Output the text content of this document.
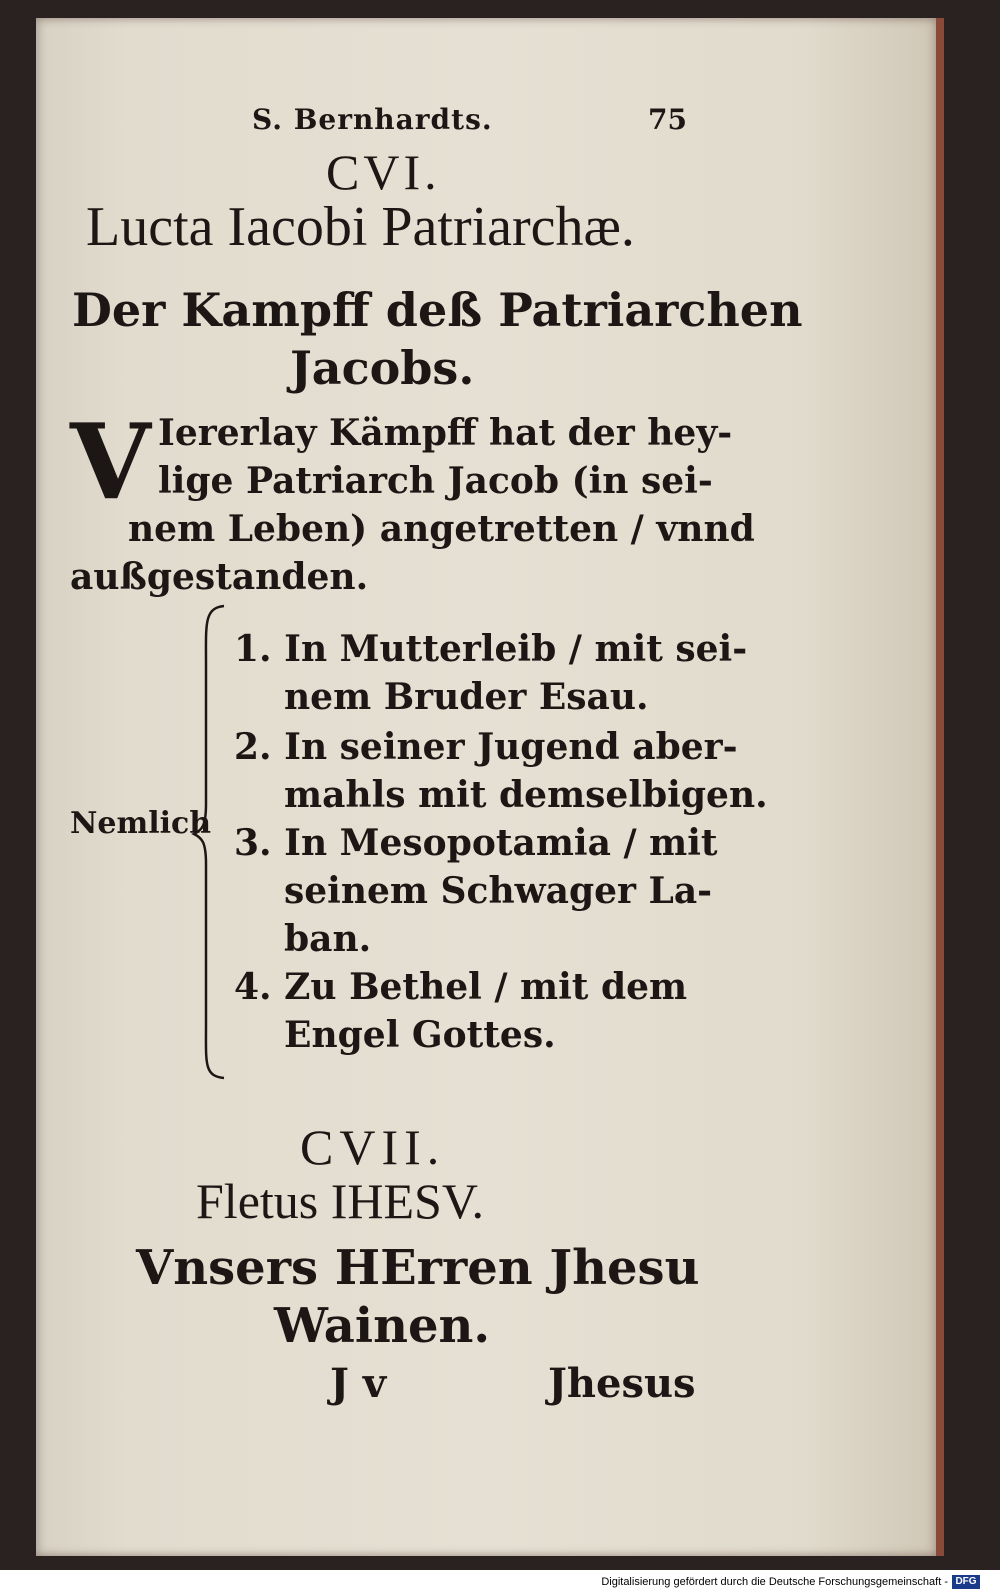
S. Bernhardts.	75
CVI.
Lucta Iacobi Patriarchæ.
Der Kampff deß Patriarchen
Jacobs.
V Iererlay Kämpff hat der hey-
lige Patriarch Jacob (in sei-
nem Leben) angetretten / vnnd
außgestanden.
Nemlich
1. In Mutterleib / mit sei-
nem Bruder Esau.
2. In seiner Jugend aber-
mahls mit demselbigen.
3. In Mesopotamia / mit
seinem Schwager La-
ban.
4. Zu Bethel / mit dem
Engel Gottes.
CVII.
Fletus IHESV.
Vnsers HErren Jhesu
Wainen.
J v	Jhesus
Digitalisierung gefördert durch die Deutsche Forschungsgemeinschaft - DFG
